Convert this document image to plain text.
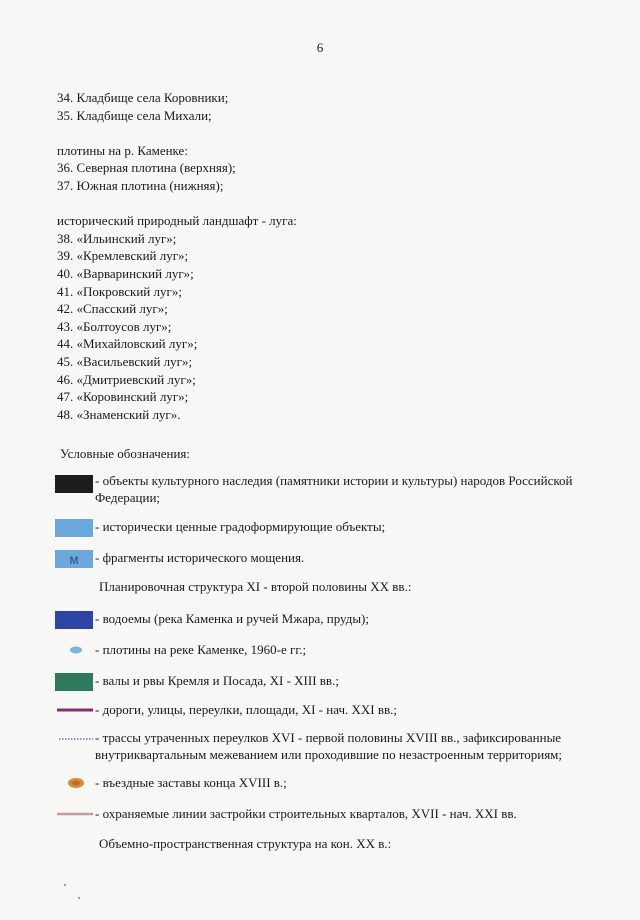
6
34. Кладбище села Коровники;
35. Кладбище села Михали;
плотины на р. Каменке:
36. Северная плотина (верхняя);
37. Южная плотина (нижняя);
исторический природный ландшафт - луга:
38. «Ильинский луг»;
39. «Кремлевский луг»;
40. «Варваринский луг»;
41. «Покровский луг»;
42. «Спасский луг»;
43. «Болтоусов луг»;
44. «Михайловский луг»;
45. «Васильевский луг»;
46. «Дмитриевский луг»;
47. «Коровинский луг»;
48. «Знаменский луг».
Условные обозначения:
- объекты культурного наследия (памятники истории и культуры) народов Российской Федерации;
- исторически ценные градоформирующие объекты;
М - фрагменты исторического мощения.
Планировочная структура XI - второй половины XX вв.:
- водоемы (река Каменка и ручей Мжара, пруды);
- плотины на реке Каменке, 1960-е гг.;
- валы и рвы Кремля и Посада, XI - XIII вв.;
- дороги, улицы, переулки, площади, XI - нач. XXI вв.;
- трассы утраченных переулков XVI - первой половины XVIII вв., зафиксированные внутриквартальным межеванием или проходившие по незастроенным территориям;
- въездные заставы конца XVIII в.;
- охраняемые линии застройки строительных кварталов, XVII - нач. XXI вв.
Объемно-пространственная структура на кон. XX в.:
